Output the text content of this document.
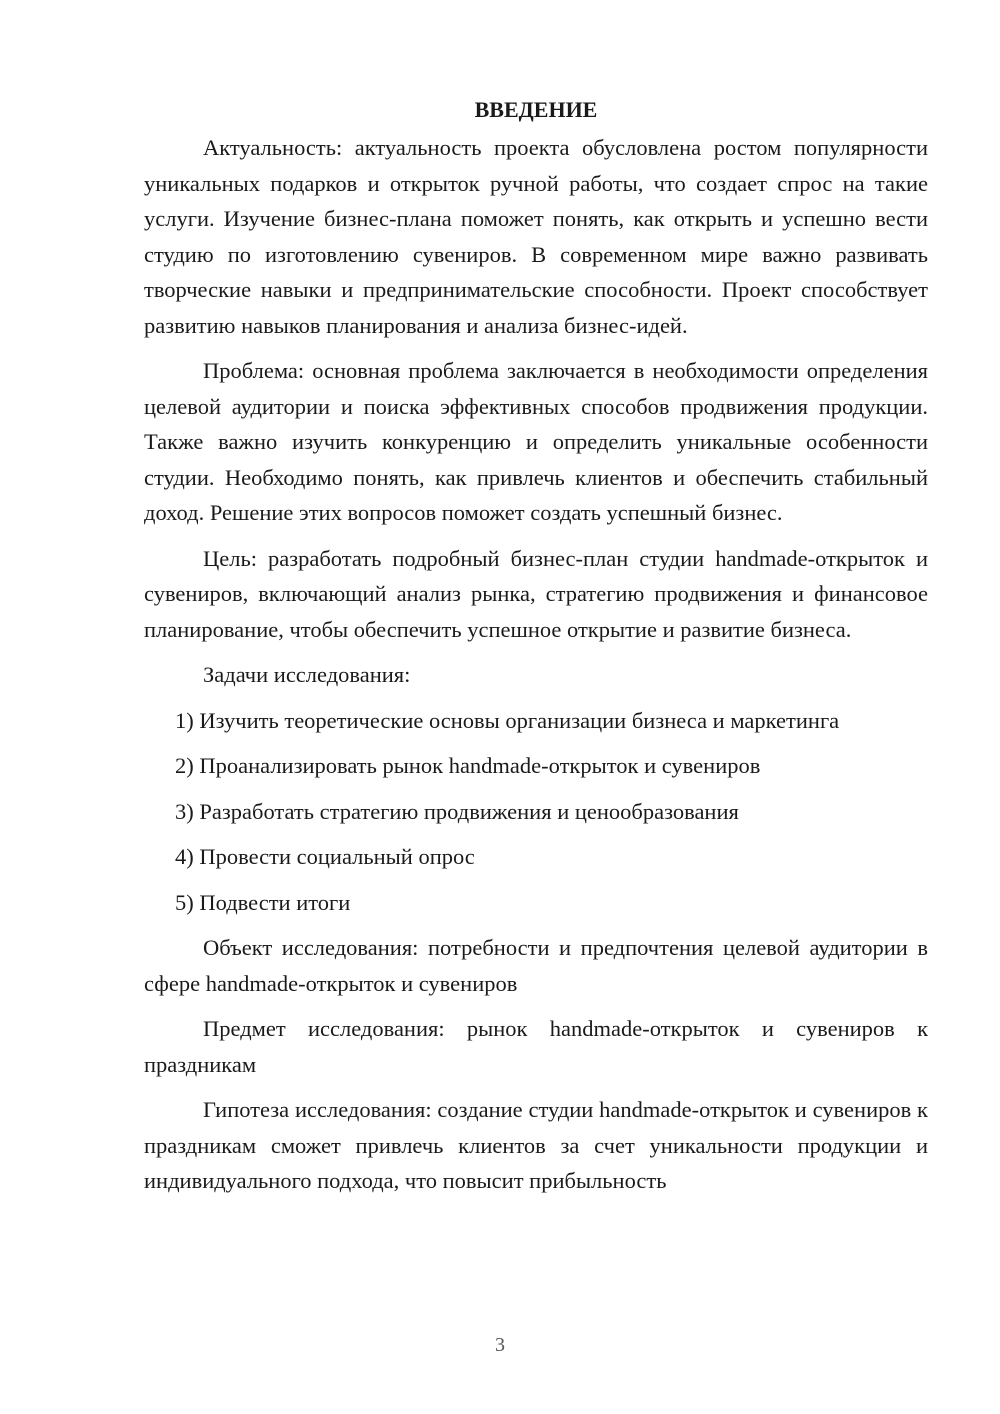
ВВЕДЕНИЕ

Актуальность: актуальность проекта обусловлена ростом популярности уникальных подарков и открыток ручной работы, что создает спрос на такие услуги. Изучение бизнес-плана поможет понять, как открыть и успешно вести студию по изготовлению сувениров. В современном мире важно развивать творческие навыки и предпринимательские способности. Проект способствует развитию навыков планирования и анализа бизнес-идей.

Проблема: основная проблема заключается в необходимости определения целевой аудитории и поиска эффективных способов продвижения продукции. Также важно изучить конкуренцию и определить уникальные особенности студии. Необходимо понять, как привлечь клиентов и обеспечить стабильный доход. Решение этих вопросов поможет создать успешный бизнес.

Цель: разработать подробный бизнес-план студии handmade-открыток и сувениров, включающий анализ рынка, стратегию продвижения и финансовое планирование, чтобы обеспечить успешное открытие и развитие бизнеса.

Задачи исследования:

1) Изучить теоретические основы организации бизнеса и маркетинга
2) Проанализировать рынок handmade-открыток и сувениров
3) Разработать стратегию продвижения и ценообразования
4) Провести социальный опрос
5) Подвести итоги

Объект исследования: потребности и предпочтения целевой аудитории в сфере handmade-открыток и сувениров

Предмет исследования: рынок handmade-открыток и сувениров к праздникам

Гипотеза исследования: создание студии handmade-открыток и сувениров к праздникам сможет привлечь клиентов за счет уникальности продукции и индивидуального подхода, что повысит прибыльность

3
